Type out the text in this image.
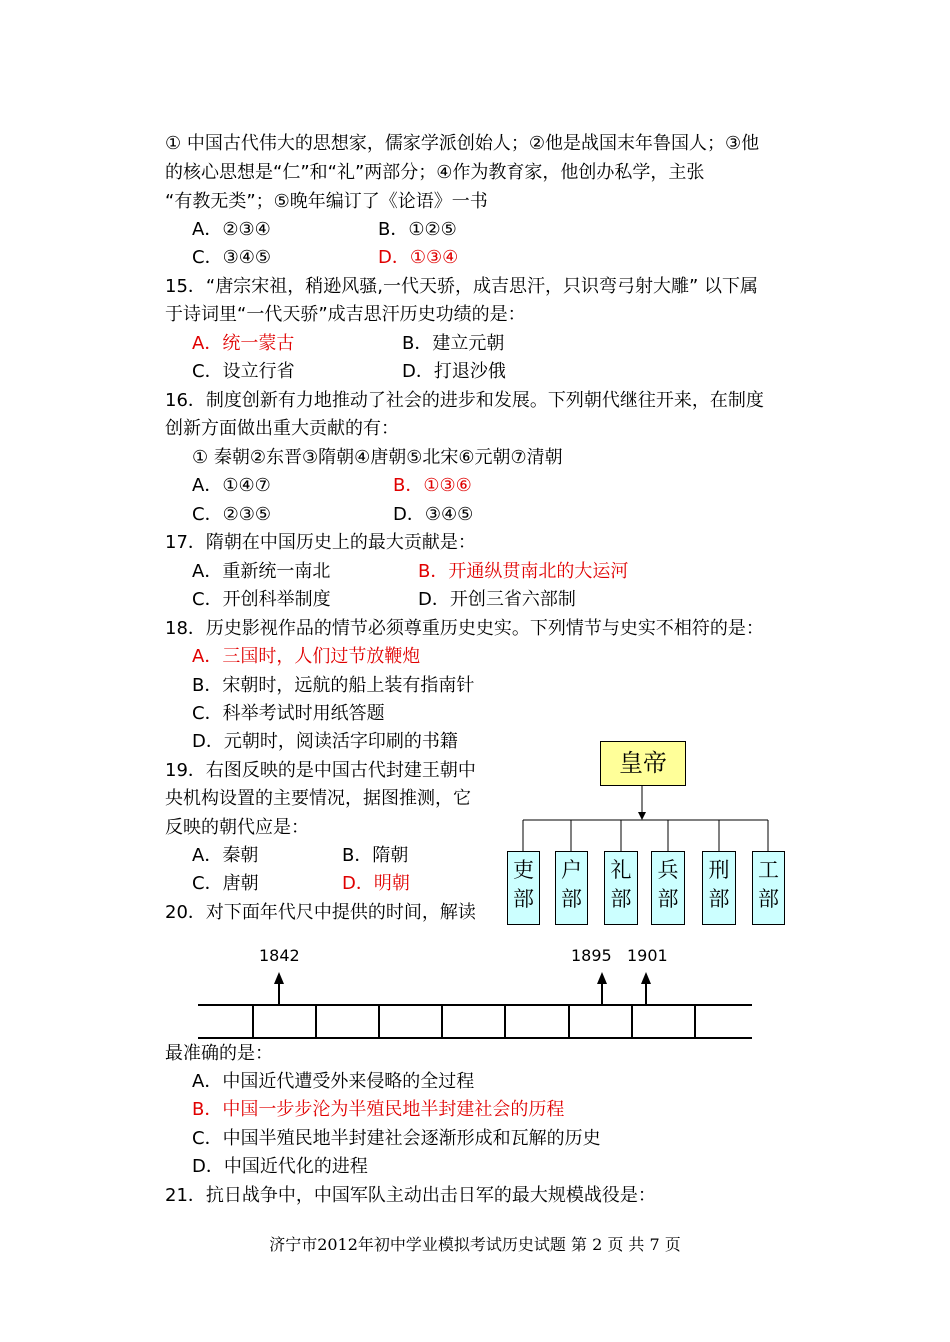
① 中国古代伟大的思想家，儒家学派创始人；②他是战国末年鲁国人；③他
的核心思想是“仁”和“礼”两部分；④作为教育家，他创办私学，主张
“有教无类”；⑤晚年编订了《论语》一书
A．②③④	B．①②⑤
C．③④⑤	D．①③④
15．“唐宗宋祖，稍逊风骚,一代天骄，成吉思汗，只识弯弓射大雕” 以下属
于诗词里“一代天骄”成吉思汗历史功绩的是：
A．统一蒙古	B．建立元朝
C．设立行省	D．打退沙俄
16．制度创新有力地推动了社会的进步和发展。下列朝代继往开来，在制度
创新方面做出重大贡献的有：
① 秦朝②东晋③隋朝④唐朝⑤北宋⑥元朝⑦清朝
A．①④⑦	B．①③⑥
C．②③⑤	D．③④⑤
17．隋朝在中国历史上的最大贡献是：
A．重新统一南北	B．开通纵贯南北的大运河
C．开创科举制度	D．开创三省六部制
18．历史影视作品的情节必须尊重历史史实。下列情节与史实不相符的是：
A．三国时，人们过节放鞭炮
B．宋朝时，远航的船上装有指南针
C．科举考试时用纸答题
D．元朝时，阅读活字印刷的书籍
19．右图反映的是中国古代封建王朝中
央机构设置的主要情况，据图推测，它
反映的朝代应是：
A．秦朝	B．隋朝
C．唐朝	D．明朝
20．对下面年代尺中提供的时间，解读
最准确的是：
A．中国近代遭受外来侵略的全过程
B．中国一步步沦为半殖民地半封建社会的历程
C．中国半殖民地半封建社会逐渐形成和瓦解的历史
D．中国近代化的进程
21．抗日战争中，中国军队主动出击日军的最大规模战役是：
皇帝
吏
部
户
部
礼
部
兵
部
刑
部
工
部
1842	1895 1901
济宁市2012年初中学业模拟考试历史试题 第 2 页 共 7 页
